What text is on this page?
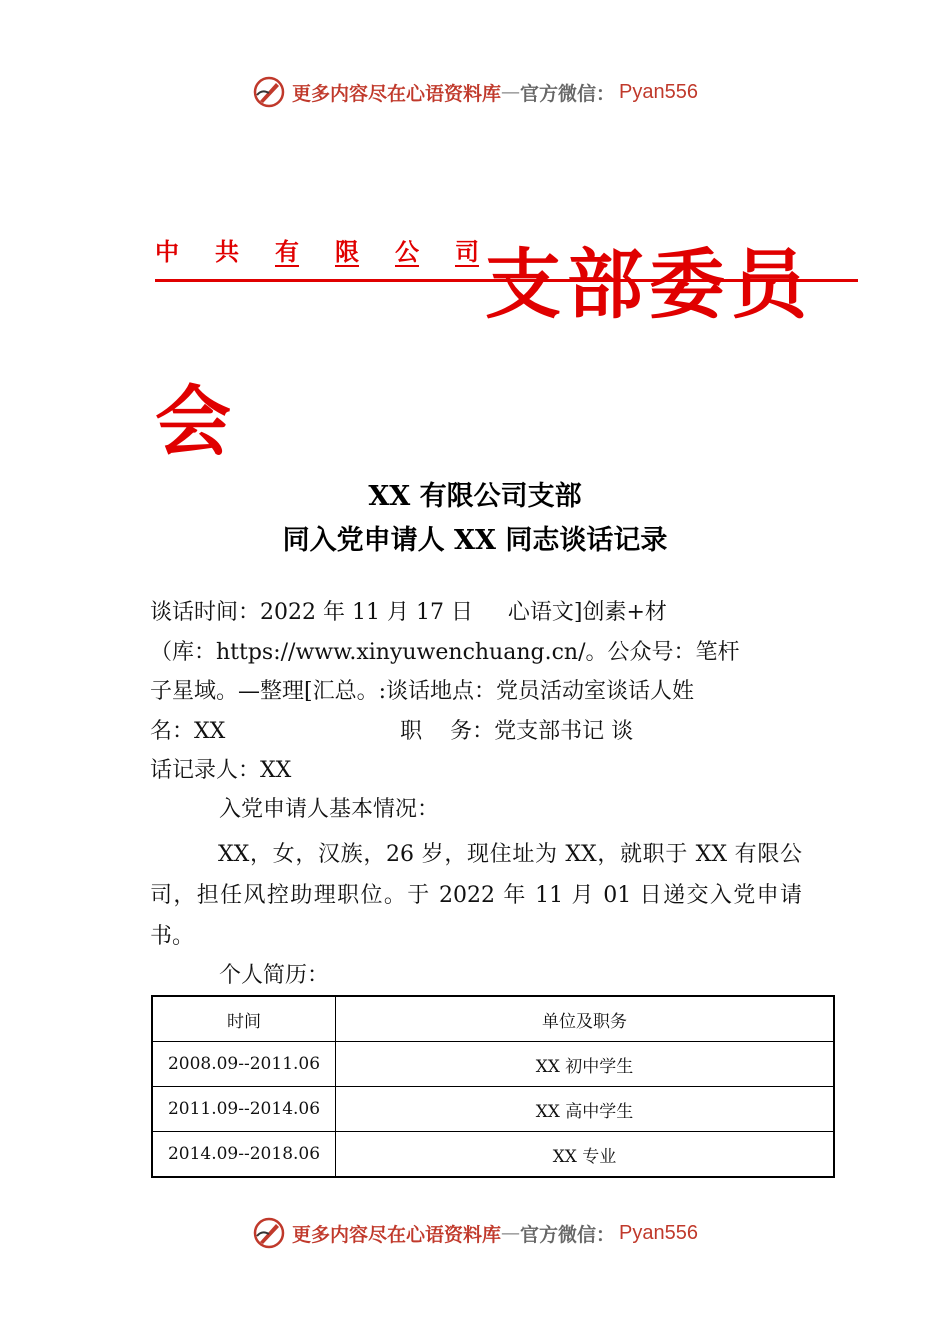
更多内容尽在心语资料库 — 官方微信： Pyan556
中	共	有	限	公	司 支部委员
会
XX 有限公司支部
同入党申请人 XX 同志谈话记录
谈话时间：2022 年 11 月 17 日     心语文]创素+材
（库：https://www.xinyuwenchuang.cn/。公众号：笔杆
子星域。—整理[汇总。:谈话地点：党员活动室谈话人姓
名：XX                         职    务：党支部书记 谈
话记录人：XX
入党申请人基本情况：
XX，女，汉族，26 岁，现住址为 XX，就职于 XX 有限公司，担任风控助理职位。于 2022 年 11 月 01 日递交入党申请书。
个人简历：
时间	单位及职务
2008.09--2011.06	XX 初中学生
2011.09--2014.06	XX 高中学生
2014.09--2018.06	XX 专业
更多内容尽在心语资料库 — 官方微信： Pyan556
